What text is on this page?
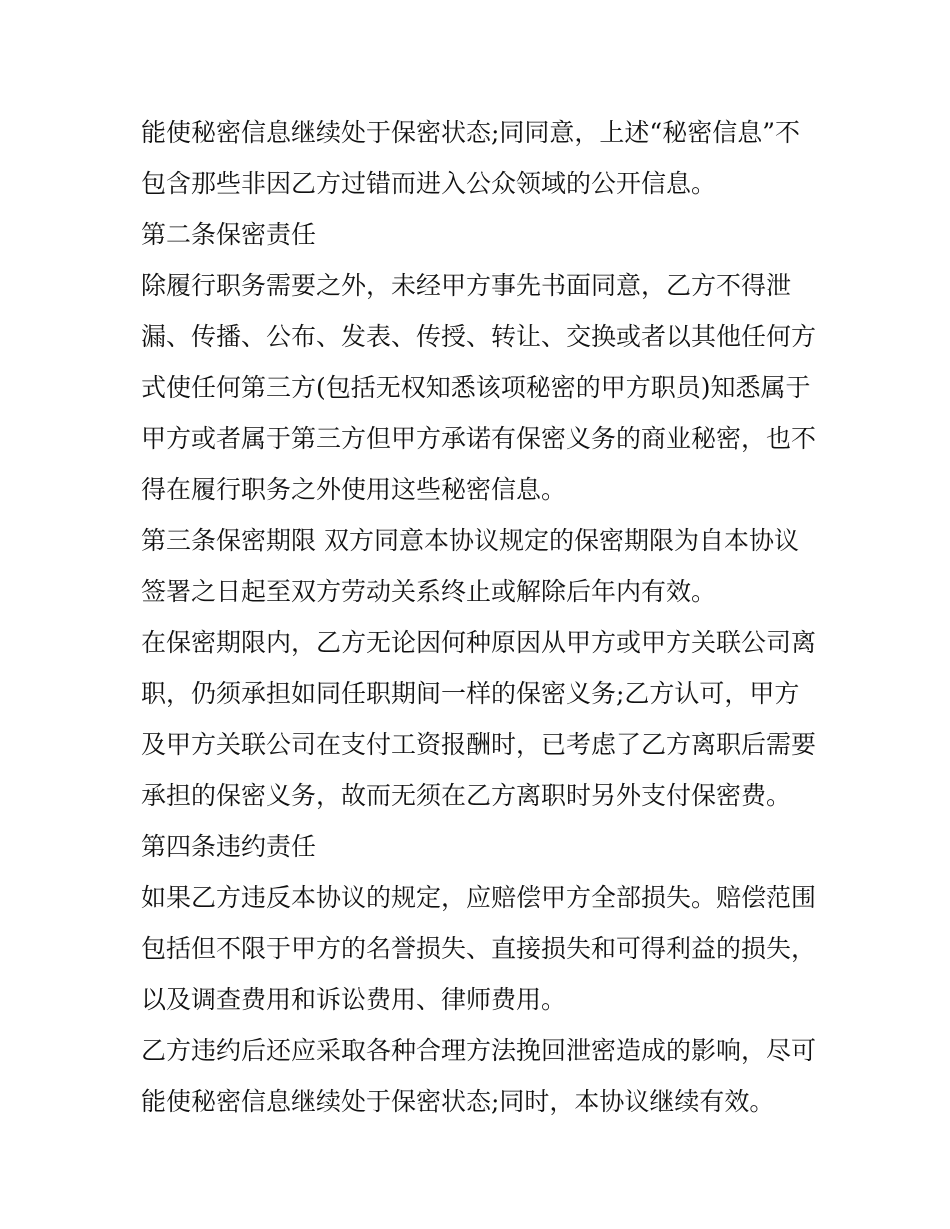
能使秘密信息继续处于保密状态;同同意，上述“秘密信息”不
包含那些非因乙方过错而进入公众领域的公开信息。
第二条保密责任
除履行职务需要之外，未经甲方事先书面同意，乙方不得泄
漏、传播、公布、发表、传授、转让、交换或者以其他任何方
式使任何第三方(包括无权知悉该项秘密的甲方职员)知悉属于
甲方或者属于第三方但甲方承诺有保密义务的商业秘密，也不
得在履行职务之外使用这些秘密信息。
第三条保密期限 双方同意本协议规定的保密期限为自本协议
签署之日起至双方劳动关系终止或解除后年内有效。
在保密期限内，乙方无论因何种原因从甲方或甲方关联公司离
职，仍须承担如同任职期间一样的保密义务;乙方认可，甲方
及甲方关联公司在支付工资报酬时，已考虑了乙方离职后需要
承担的保密义务，故而无须在乙方离职时另外支付保密费。
第四条违约责任
如果乙方违反本协议的规定，应赔偿甲方全部损失。赔偿范围
包括但不限于甲方的名誉损失、直接损失和可得利益的损失，
以及调查费用和诉讼费用、律师费用。
乙方违约后还应采取各种合理方法挽回泄密造成的影响，尽可
能使秘密信息继续处于保密状态;同时，本协议继续有效。
